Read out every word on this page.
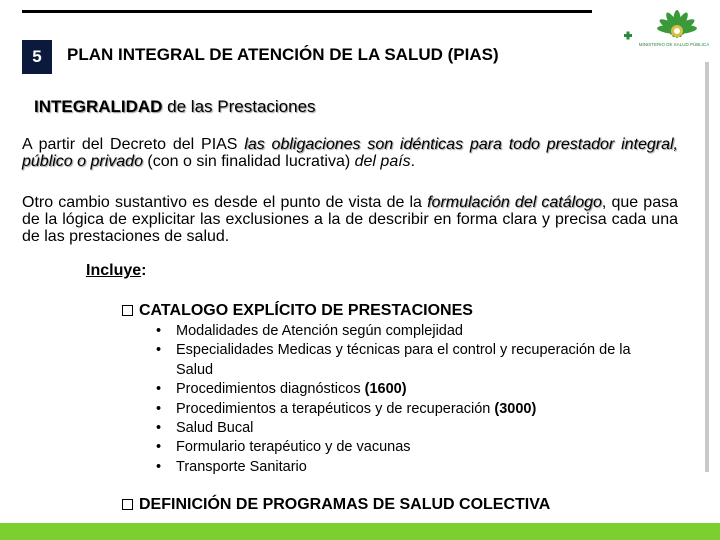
5	PLAN INTEGRAL DE ATENCIÓN DE LA SALUD (PIAS)
MINISTERIO DE SALUD PÚBLICA
INTEGRALIDAD de las Prestaciones
A partir del Decreto del PIAS las obligaciones son idénticas para todo prestador integral, público o privado (con o sin finalidad lucrativa) del país.
Otro cambio sustantivo es desde el punto de vista de la formulación del catálogo, que pasa de la lógica de explicitar las exclusiones a la de describir en forma clara y precisa cada una de las prestaciones de salud.
Incluye:
CATALOGO EXPLÍCITO DE PRESTACIONES
• Modalidades de Atención según complejidad
• Especialidades Medicas y técnicas para el control y recuperación de la Salud
• Procedimientos diagnósticos (1600)
• Procedimientos a terapéuticos y de recuperación (3000)
• Salud Bucal
• Formulario terapéutico y de vacunas
• Transporte Sanitario
DEFINICIÓN DE PROGRAMAS DE SALUD COLECTIVA
